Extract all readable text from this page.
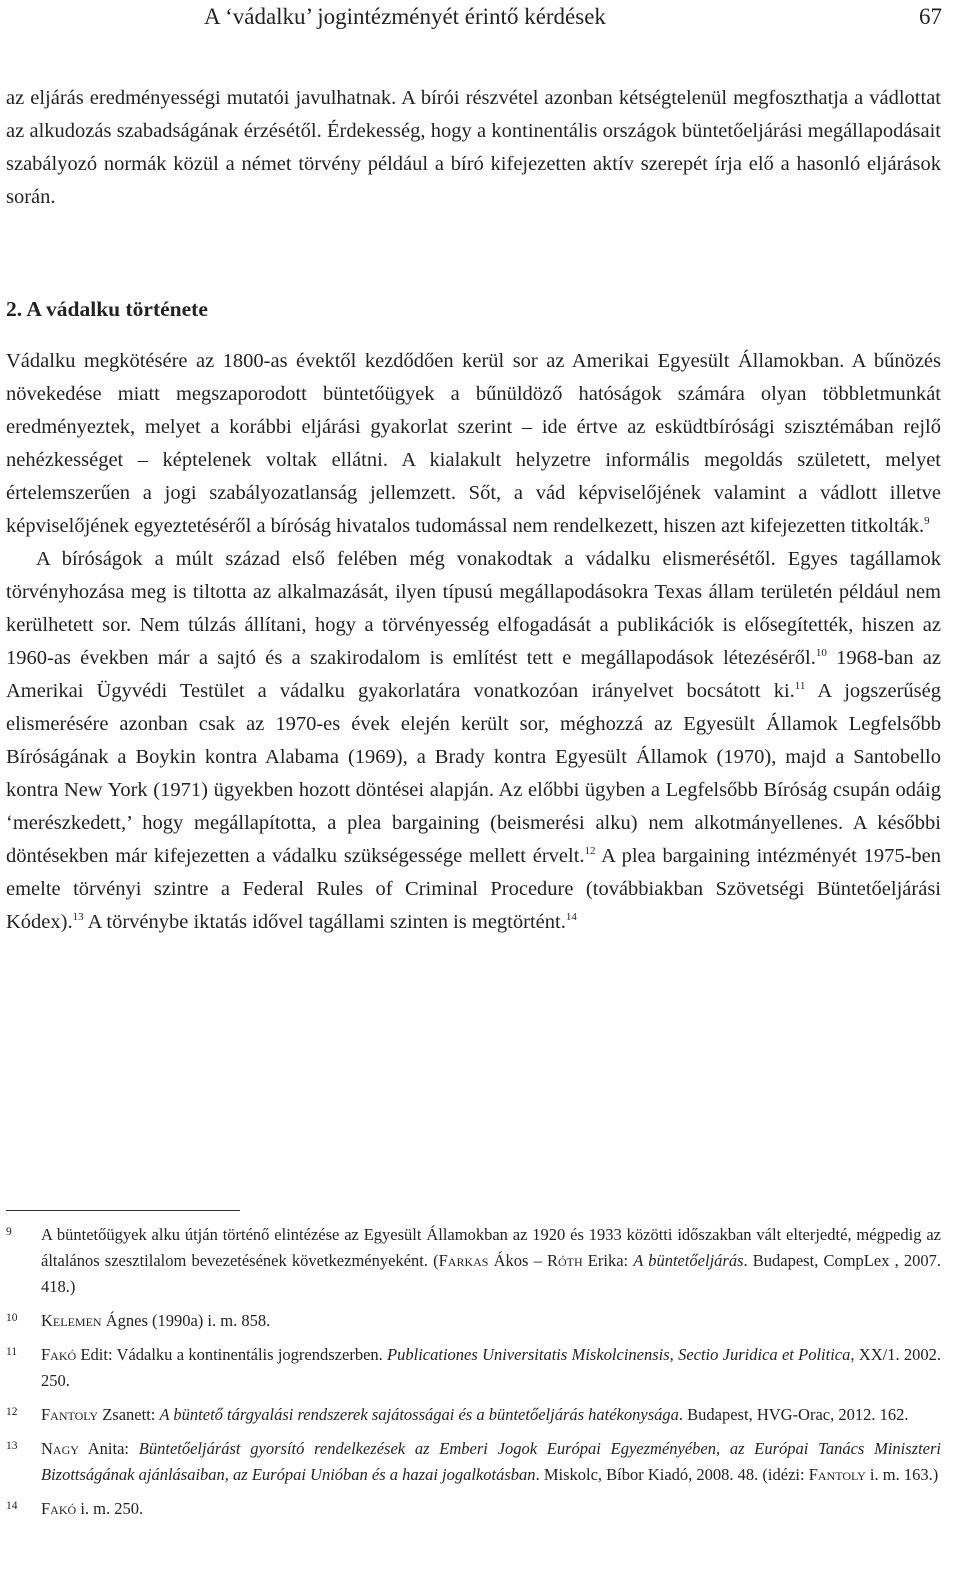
A ‘vádalku’ jogintézményét érintő kérdések	67

az eljárás eredményességi mutatói javulhatnak. A bírói részvétel azonban kétségtelenül megfoszthatja a vádlottat az alkudozás szabadságának érzésétől. Érdekesség, hogy a kontinentális országok büntetőeljárási megállapodásait szabályozó normák közül a német törvény például a bíró kifejezetten aktív szerepét írja elő a hasonló eljárások során.

2. A vádalku története

Vádalku megkötésére az 1800-as évektől kezdődően kerül sor az Amerikai Egyesült Államokban. A bűnözés növekedése miatt megszaporodott büntetőügyek a bűnüldöző hatóságok számára olyan többletmunkát eredményeztek, melyet a korábbi eljárási gyakorlat szerint – ide értve az esküdtbírósági szisztémában rejlő nehézkességet – képtelenek voltak ellátni. A kialakult helyzetre informális megoldás született, melyet értelemszerűen a jogi szabályozatlanság jellemzett. Sőt, a vád képviselőjének valamint a vádlott illetve képviselőjének egyeztetéséről a bíróság hivatalos tudomással nem rendelkezett, hiszen azt kifejezetten titkolták.$^9$

A bíróságok a múlt század első felében még vonakodtak a vádalku elismerésétől. Egyes tagállamok törvényhozása meg is tiltotta az alkalmazását, ilyen típusú megállapodásokra Texas állam területén például nem kerülhetett sor. Nem túlzás állítani, hogy a törvényesség elfogadását a publikációk is elősegítették, hiszen az 1960-as években már a sajtó és a szakirodalom is említést tett e megállapodások létezéséről.$^{10}$ 1968-ban az Amerikai Ügyvédi Testület a vádalku gyakorlatára vonatkozóan irányelvet bocsátott ki.$^{11}$ A jogszerűség elismerésére azonban csak az 1970-es évek elején került sor, méghozzá az Egyesült Államok Legfelsőbb Bíróságának a Boykin kontra Alabama (1969), a Brady kontra Egyesült Államok (1970), majd a Santobello kontra New York (1971) ügyekben hozott döntései alapján. Az előbbi ügyben a Legfelsőbb Bíróság csupán odáig ‘merészkedett,’ hogy megállapította, a plea bargaining (beismerési alku) nem alkotmányellenes. A későbbi döntésekben már kifejezetten a vádalku szükségessége mellett érvelt.$^{12}$ A plea bargaining intézményét 1975-ben emelte törvényi szintre a Federal Rules of Criminal Procedure (továbbiakban Szövetségi Büntetőeljárási Kódex).$^{13}$ A törvénybe iktatás idővel tagállami szinten is megtörtént.$^{14}$

9 A büntetőügyek alku útján történő elintézése az Egyesült Államokban az 1920 és 1933 közötti időszakban vált elterjedté, mégpedig az általános szesztilalom bevezetésének következményeként. (Farkas Ákos – Róth Erika: A büntetőeljárás. Budapest, CompLex , 2007. 418.)

10 Kelemen Ágnes (1990a) i. m. 858.

11 Fakó Edit: Vádalku a kontinentális jogrendszerben. Publicationes Universitatis Miskolcinensis, Sectio Juridica et Politica, XX/1. 2002. 250.

12 Fantoly Zsanett: A büntető tárgyalási rendszerek sajátosságai és a büntetőeljárás hatékonysága. Budapest, HVG-Orac, 2012. 162.

13 Nagy Anita: Büntetőeljárást gyorsító rendelkezések az Emberi Jogok Európai Egyezményében, az Európai Tanács Miniszteri Bizottságának ajánlásaiban, az Európai Unióban és a hazai jogalkotásban. Miskolc, Bíbor Kiadó, 2008. 48. (idézi: Fantoly i. m. 163.)

14 Fakó i. m. 250.
